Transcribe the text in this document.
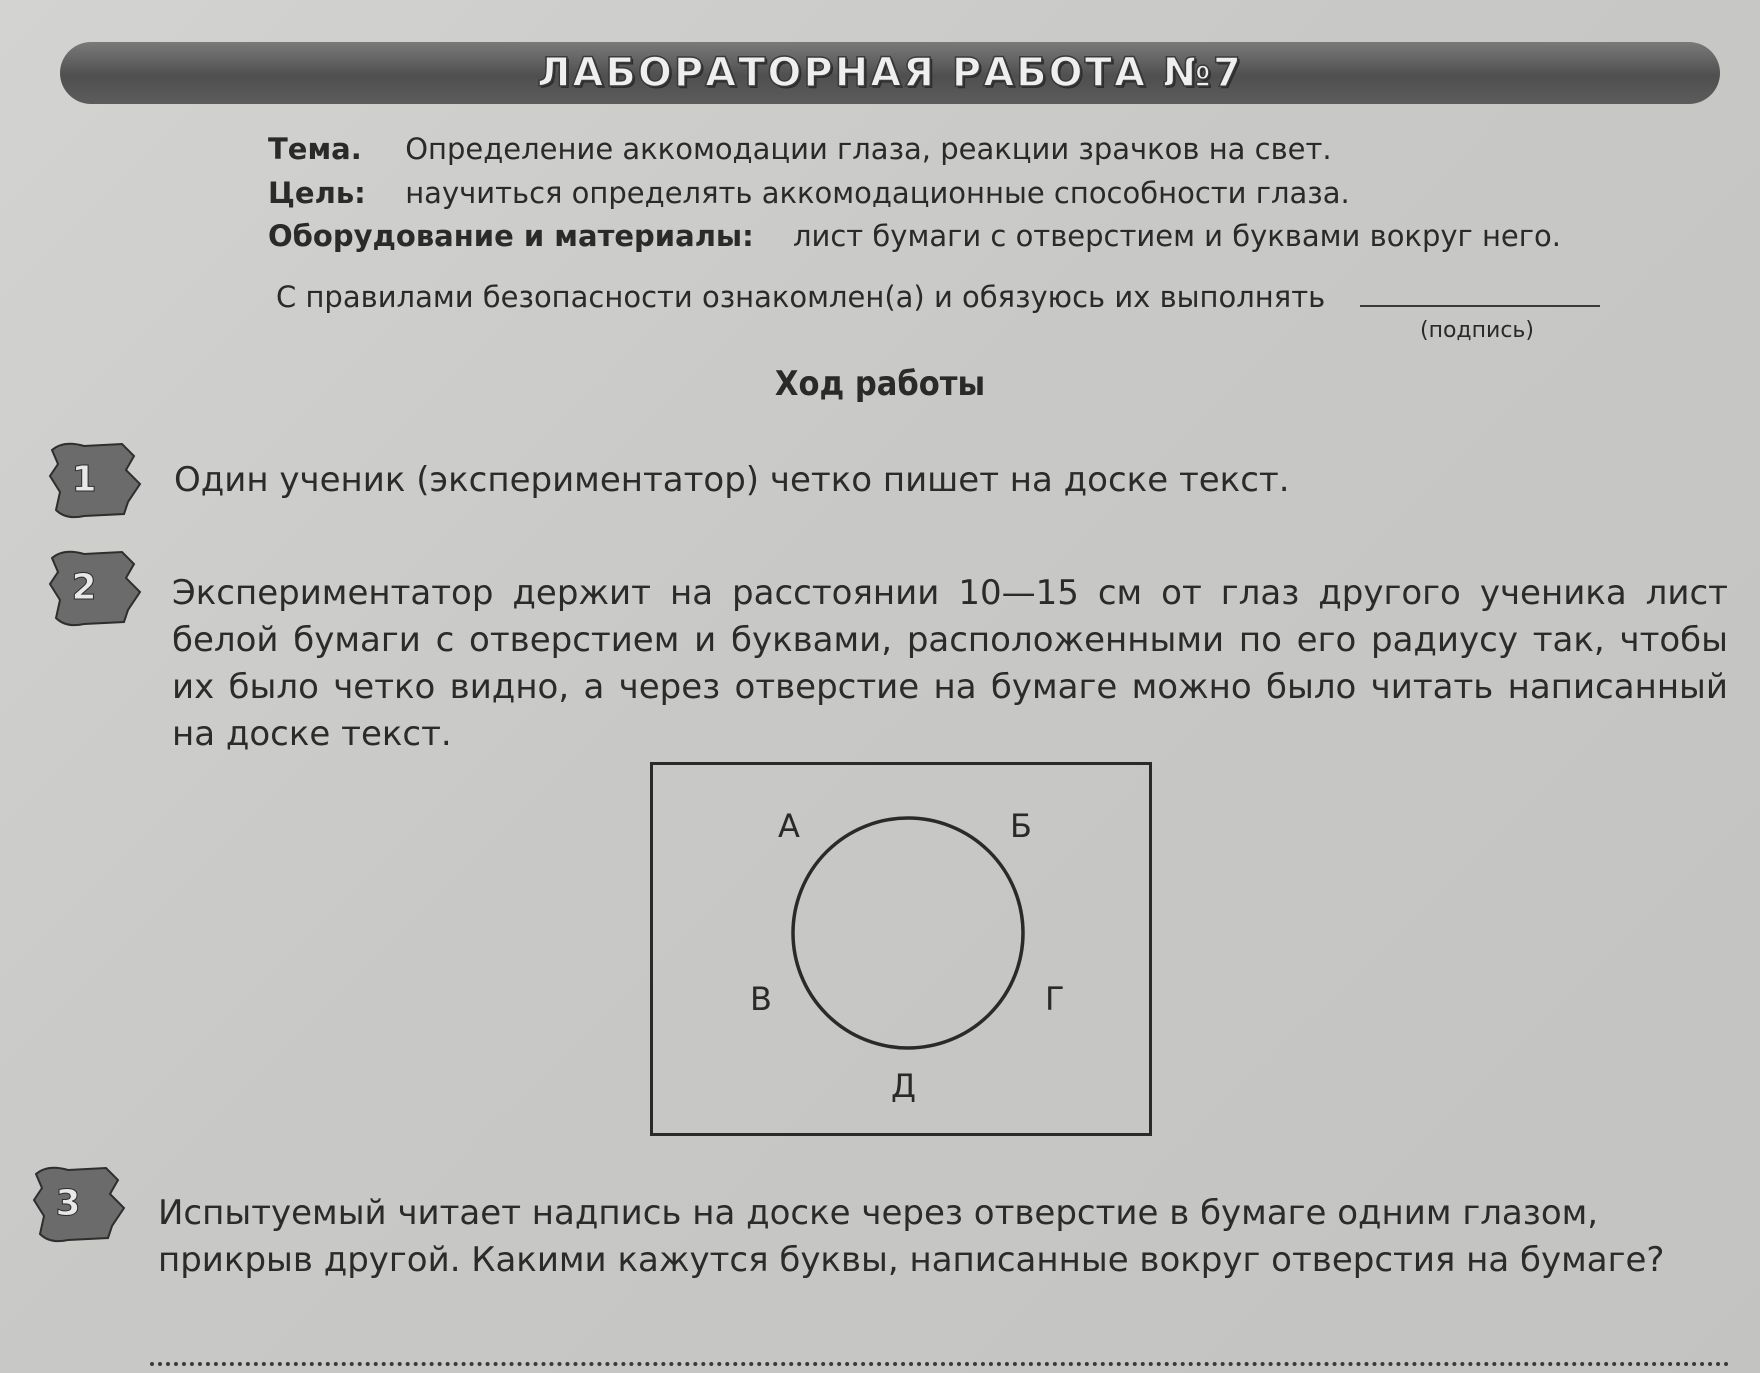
ЛАБОРАТОРНАЯ РАБОТА №7
Тема. Определение аккомодации глаза, реакции зрачков на свет.
Цель: научиться определять аккомодационные способности глаза.
Оборудование и материалы: лист бумаги с отверстием и буквами вокруг него.
С правилами безопасности ознакомлен(а) и обязуюсь их выполнять
(подпись)
Ход работы
1	Один ученик (экспериментатор) четко пишет на доске текст.
2	Экспериментатор держит на расстоянии 10—15 см от глаз другого ученика лист белой бумаги с отверстием и буквами, расположенными по его радиусу так, чтобы их было четко видно, а через отверстие на бумаге можно было читать написанный на доске текст.
А	Б
В	Г
Д
3	Испытуемый читает надпись на доске через отверстие в бумаге одним глазом, прикрыв другой. Какими кажутся буквы, написанные вокруг отверстия на бумаге?
